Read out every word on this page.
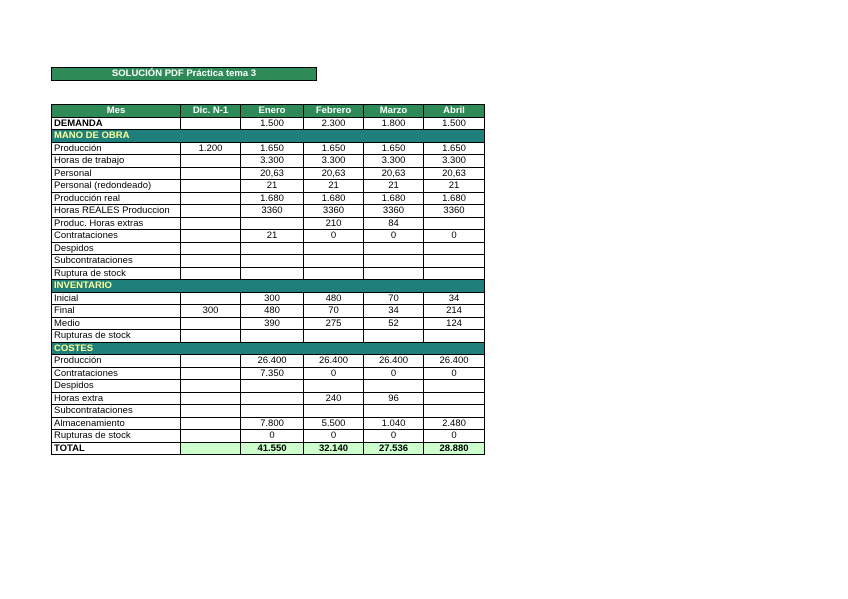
SOLUCIÓN PDF Práctica tema 3
Mes	Dic. N-1	Enero	Febrero	Marzo	Abril
DEMANDA		1.500	2.300	1.800	1.500
MANO DE OBRA					
Producción	1.200	1.650	1.650	1.650	1.650
Horas de trabajo		3.300	3.300	3.300	3.300
Personal		20,63	20,63	20,63	20,63
Personal (redondeado)		21	21	21	21
Producción real		1.680	1.680	1.680	1.680
Horas REALES Produccion		3360	3360	3360	3360
Produc. Horas extras			210	84	
Contrataciones		21	0	0	0
Despidos					
Subcontrataciones					
Ruptura de stock					
INVENTARIO					
Inicial		300	480	70	34
Final	300	480	70	34	214
Medio		390	275	52	124
Rupturas de stock					
COSTES					
Producción		26.400	26.400	26.400	26.400
Contrataciones		7.350	0	0	0
Despidos					
Horas extra			240	96	
Subcontrataciones					
Almacenamiento		7.800	5.500	1.040	2.480
Rupturas de stock		0	0	0	0
TOTAL		41.550	32.140	27.536	28.880
